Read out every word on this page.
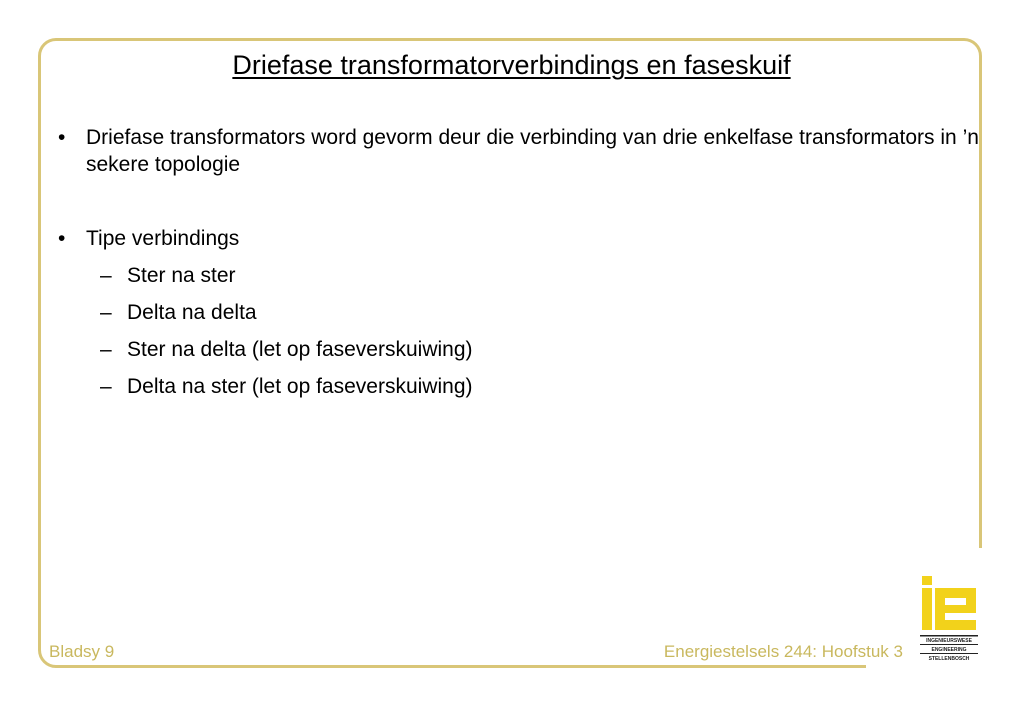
Driefase transformatorverbindings en faseskuif
• Driefase transformators word gevorm deur die verbinding van drie enkelfase transformators in ’n sekere topologie
• Tipe verbindings
– Ster na ster
– Delta na delta
– Ster na delta (let op faseverskuiwing)
– Delta na ster (let op faseverskuiwing)
Bladsy 9	Energiestelsels 244: Hoofstuk 3
INGENIEURSWESE
ENGINEERING
STELLENBOSCH
